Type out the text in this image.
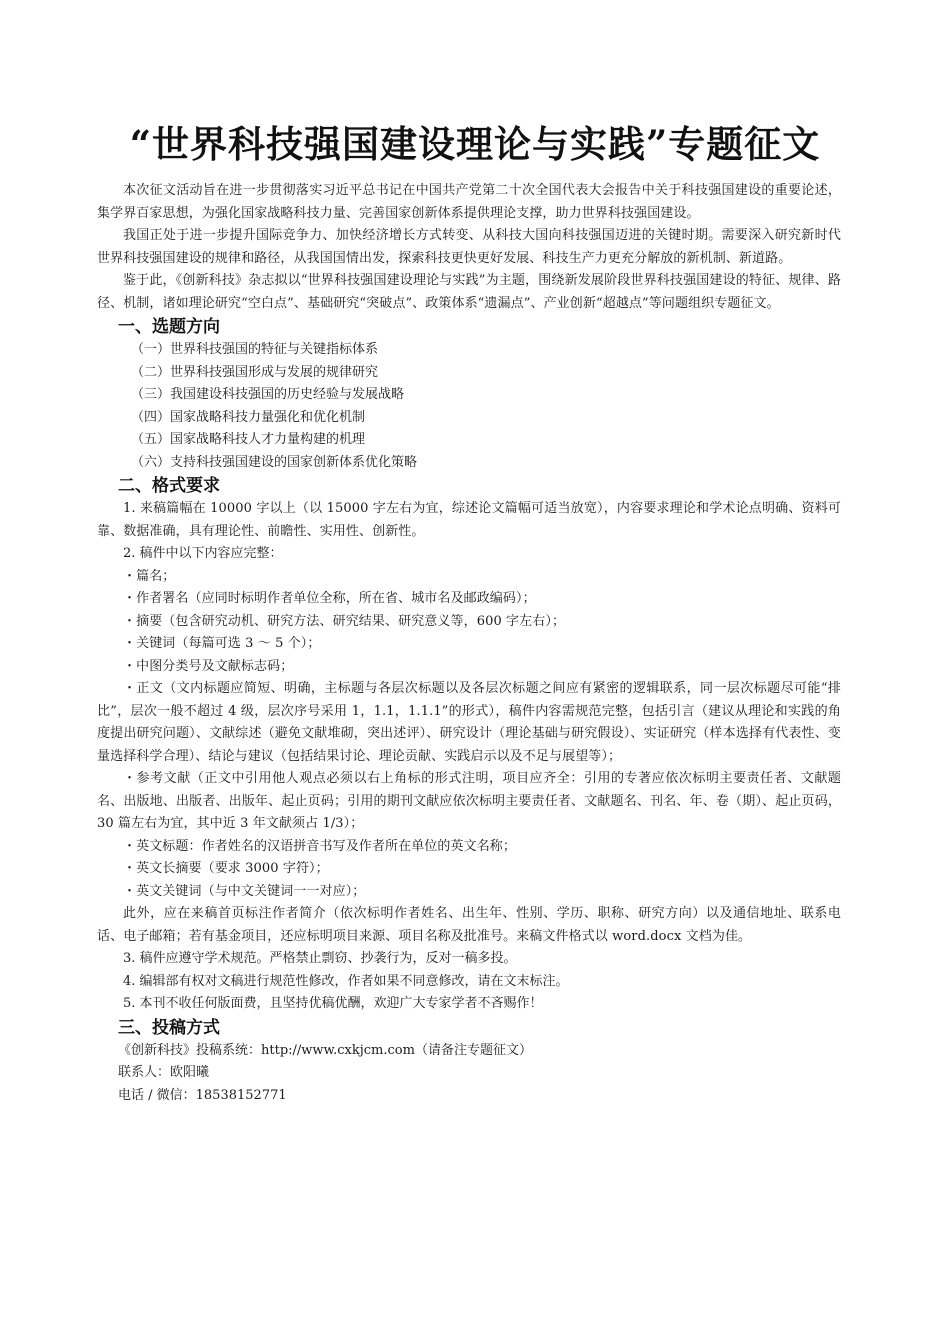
“世界科技强国建设理论与实践”专题征文

本次征文活动旨在进一步贯彻落实习近平总书记在中国共产党第二十次全国代表大会报告中关于科技强国建设的重要论述，集学界百家思想，为强化国家战略科技力量、完善国家创新体系提供理论支撑，助力世界科技强国建设。

我国正处于进一步提升国际竞争力、加快经济增长方式转变、从科技大国向科技强国迈进的关键时期。需要深入研究新时代世界科技强国建设的规律和路径，从我国国情出发，探索科技更快更好发展、科技生产力更充分解放的新机制、新道路。

鉴于此，《创新科技》杂志拟以“世界科技强国建设理论与实践”为主题，围绕新发展阶段世界科技强国建设的特征、规律、路径、机制，诸如理论研究“空白点”、基础研究“突破点”、政策体系“遗漏点”、产业创新“超越点”等问题组织专题征文。

一、选题方向
（一）世界科技强国的特征与关键指标体系
（二）世界科技强国形成与发展的规律研究
（三）我国建设科技强国的历史经验与发展战略
（四）国家战略科技力量强化和优化机制
（五）国家战略科技人才力量构建的机理
（六）支持科技强国建设的国家创新体系优化策略
二、格式要求

1. 来稿篇幅在 10000 字以上（以 15000 字左右为宜，综述论文篇幅可适当放宽），内容要求理论和学术论点明确、资料可靠、数据准确，具有理论性、前瞻性、实用性、创新性。

2. 稿件中以下内容应完整：

・篇名；

・作者署名（应同时标明作者单位全称，所在省、城市名及邮政编码）；

・摘要（包含研究动机、研究方法、研究结果、研究意义等，600 字左右）；

・关键词（每篇可选 3 ～ 5 个）；

・中图分类号及文献标志码；

・正文（文内标题应简短、明确，主标题与各层次标题以及各层次标题之间应有紧密的逻辑联系，同一层次标题尽可能“排比”，层次一般不超过 4 级，层次序号采用 1，1.1，1.1.1”的形式），稿件内容需规范完整，包括引言（建议从理论和实践的角度提出研究问题）、文献综述（避免文献堆砌，突出述评）、研究设计（理论基础与研究假设）、实证研究（样本选择有代表性、变量选择科学合理）、结论与建议（包括结果讨论、理论贡献、实践启示以及不足与展望等）；

・参考文献（正文中引用他人观点必须以右上角标的形式注明，项目应齐全：引用的专著应依次标明主要责任者、文献题名、出版地、出版者、出版年、起止页码；引用的期刊文献应依次标明主要责任者、文献题名、刊名、年、卷（期）、起止页码，30 篇左右为宜，其中近 3 年文献须占 1/3）；

・英文标题：作者姓名的汉语拼音书写及作者所在单位的英文名称；

・英文长摘要（要求 3000 字符）；

・英文关键词（与中文关键词一一对应）；

此外，应在来稿首页标注作者简介（依次标明作者姓名、出生年、性别、学历、职称、研究方向）以及通信地址、联系电话、电子邮箱；若有基金项目，还应标明项目来源、项目名称及批准号。来稿文件格式以 word.docx 文档为佳。

3. 稿件应遵守学术规范。严格禁止剽窃、抄袭行为，反对一稿多投。

4. 编辑部有权对文稿进行规范性修改，作者如果不同意修改，请在文末标注。

5. 本刊不收任何版面费，且坚持优稿优酬，欢迎广大专家学者不吝赐作！

三、投稿方式

《创新科技》投稿系统：http://www.cxkjcm.com（请备注专题征文）

联系人：欧阳曦

电话 / 微信：18538152771
